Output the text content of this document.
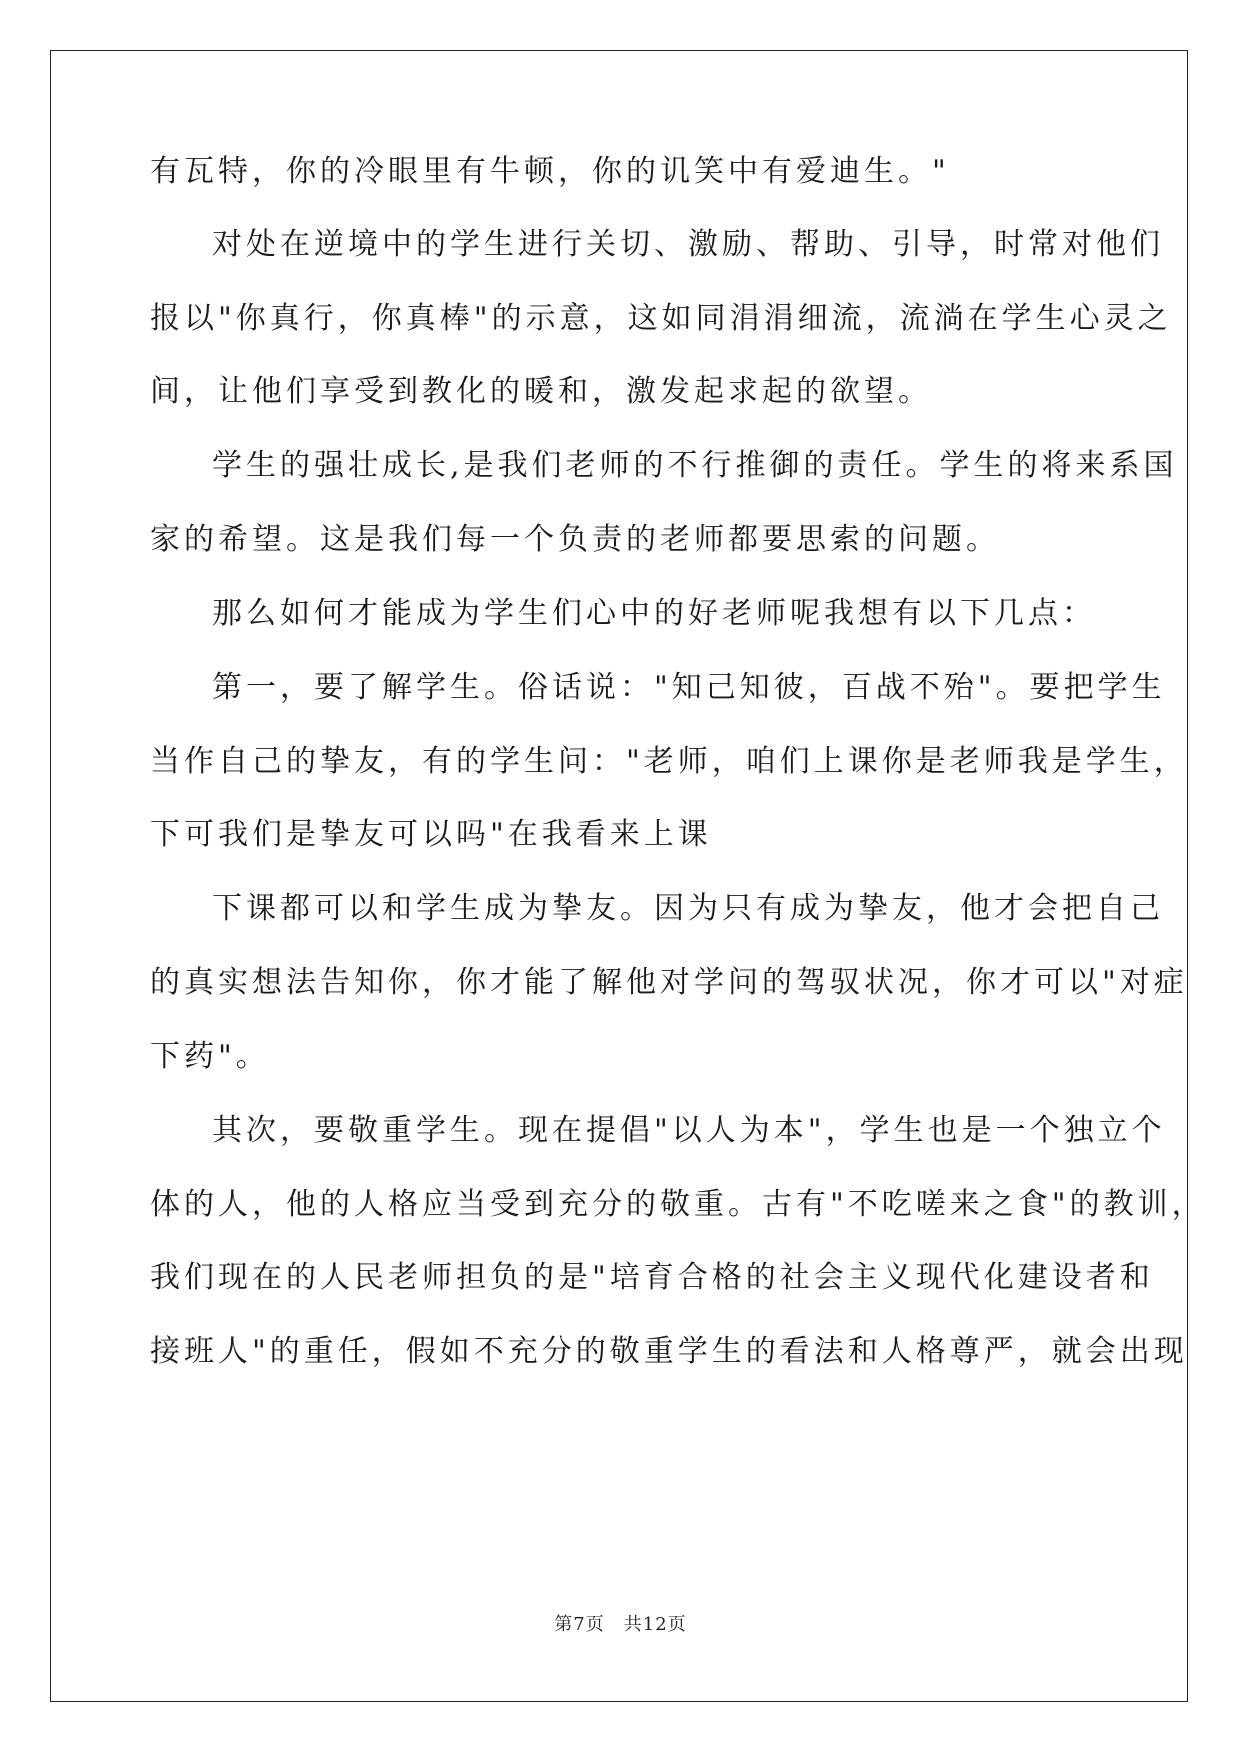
有瓦特，你的冷眼里有牛顿，你的讥笑中有爱迪生。"
对处在逆境中的学生进行关切、激励、帮助、引导，时常对他们
报以"你真行，你真棒"的示意，这如同涓涓细流，流淌在学生心灵之
间，让他们享受到教化的暖和，激发起求起的欲望。
学生的强壮成长,是我们老师的不行推御的责任。学生的将来系国
家的希望。这是我们每一个负责的老师都要思索的问题。
那么如何才能成为学生们心中的好老师呢我想有以下几点：
第一，要了解学生。俗话说："知己知彼，百战不殆"。要把学生
当作自己的挚友，有的学生问："老师，咱们上课你是老师我是学生，
下可我们是挚友可以吗"在我看来上课
下课都可以和学生成为挚友。因为只有成为挚友，他才会把自己
的真实想法告知你，你才能了解他对学问的驾驭状况，你才可以"对症
下药"。
其次，要敬重学生。现在提倡"以人为本"，学生也是一个独立个
体的人，他的人格应当受到充分的敬重。古有"不吃嗟来之食"的教训，
我们现在的人民老师担负的是"培育合格的社会主义现代化建设者和
接班人"的重任，假如不充分的敬重学生的看法和人格尊严，就会出现
第7页　共12页
